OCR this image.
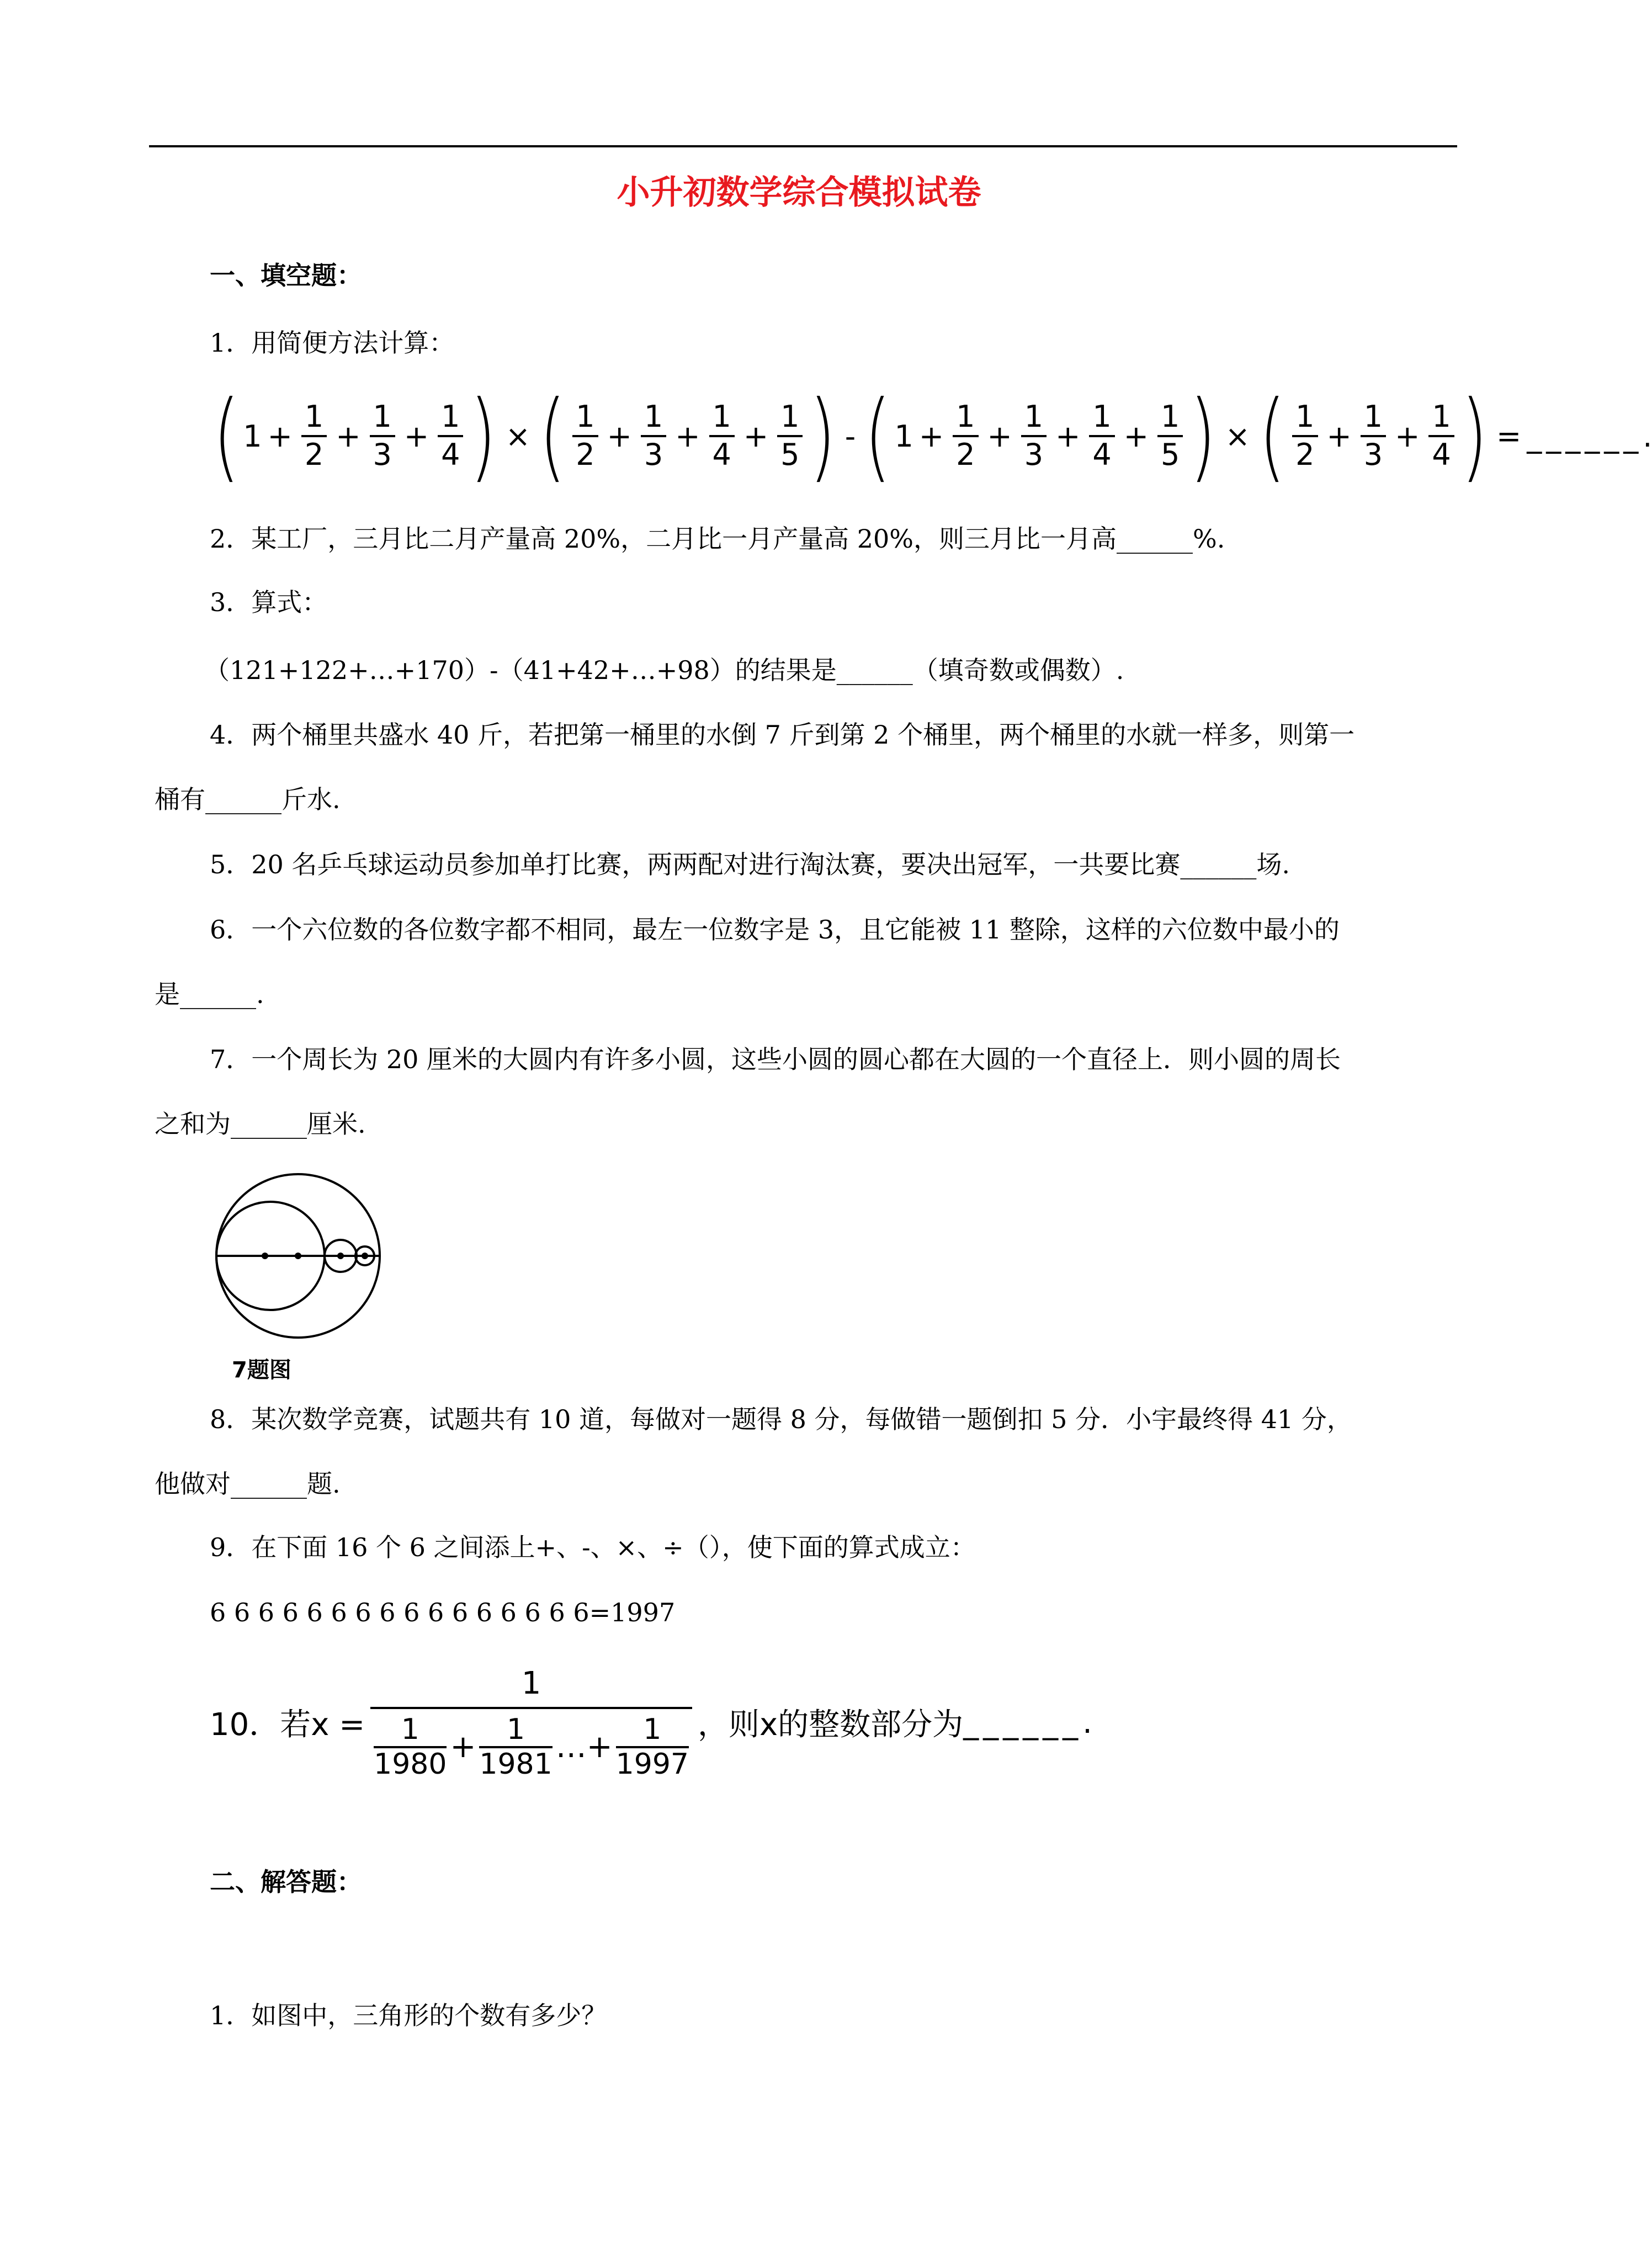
小升初数学综合模拟试卷
一、填空题：
1．用简便方法计算：
( $1 + \frac{1}{2} + \frac{1}{3} + \frac{1}{4}$ ) × ( $\frac{1}{2} + \frac{1}{3} + \frac{1}{4} + \frac{1}{5}$ ) - ( $1 + \frac{1}{2} + \frac{1}{3} + \frac{1}{4} + \frac{1}{5}$ ) × ( $\frac{1}{2} + \frac{1}{3} + \frac{1}{4}$ ) = ______ .
2．某工厂，三月比二月产量高 20%，二月比一月产量高 20%，则三月比一月高______%.
3．算式：
（121+122+…+170）-（41+42+…+98）的结果是______（填奇数或偶数）.
4．两个桶里共盛水 40 斤，若把第一桶里的水倒 7 斤到第 2 个桶里，两个桶里的水就一样多，则第一
桶有______斤水.
5．20 名乒乓球运动员参加单打比赛，两两配对进行淘汰赛，要决出冠军，一共要比赛______场.
6．一个六位数的各位数字都不相同，最左一位数字是 3，且它能被 11 整除，这样的六位数中最小的
是______.
7．一个周长为 20 厘米的大圆内有许多小圆，这些小圆的圆心都在大圆的一个直径上．则小圆的周长
之和为______厘米.
7题图
8．某次数学竞赛，试题共有 10 道，每做对一题得 8 分，每做错一题倒扣 5 分．小宇最终得 41 分，
他做对______题.
9．在下面 16 个 6 之间添上+、-、×、÷（），使下面的算式成立：
6 6 6 6 6 6 6 6 6 6 6 6 6 6 6 6=1997
10．若$x = \frac{1}{\frac{1}{1980} + \frac{1}{1981} \dots+ \frac{1}{1997}}$ ，则x的整数部分为 ______ .
二、解答题：
1．如图中，三角形的个数有多少？
